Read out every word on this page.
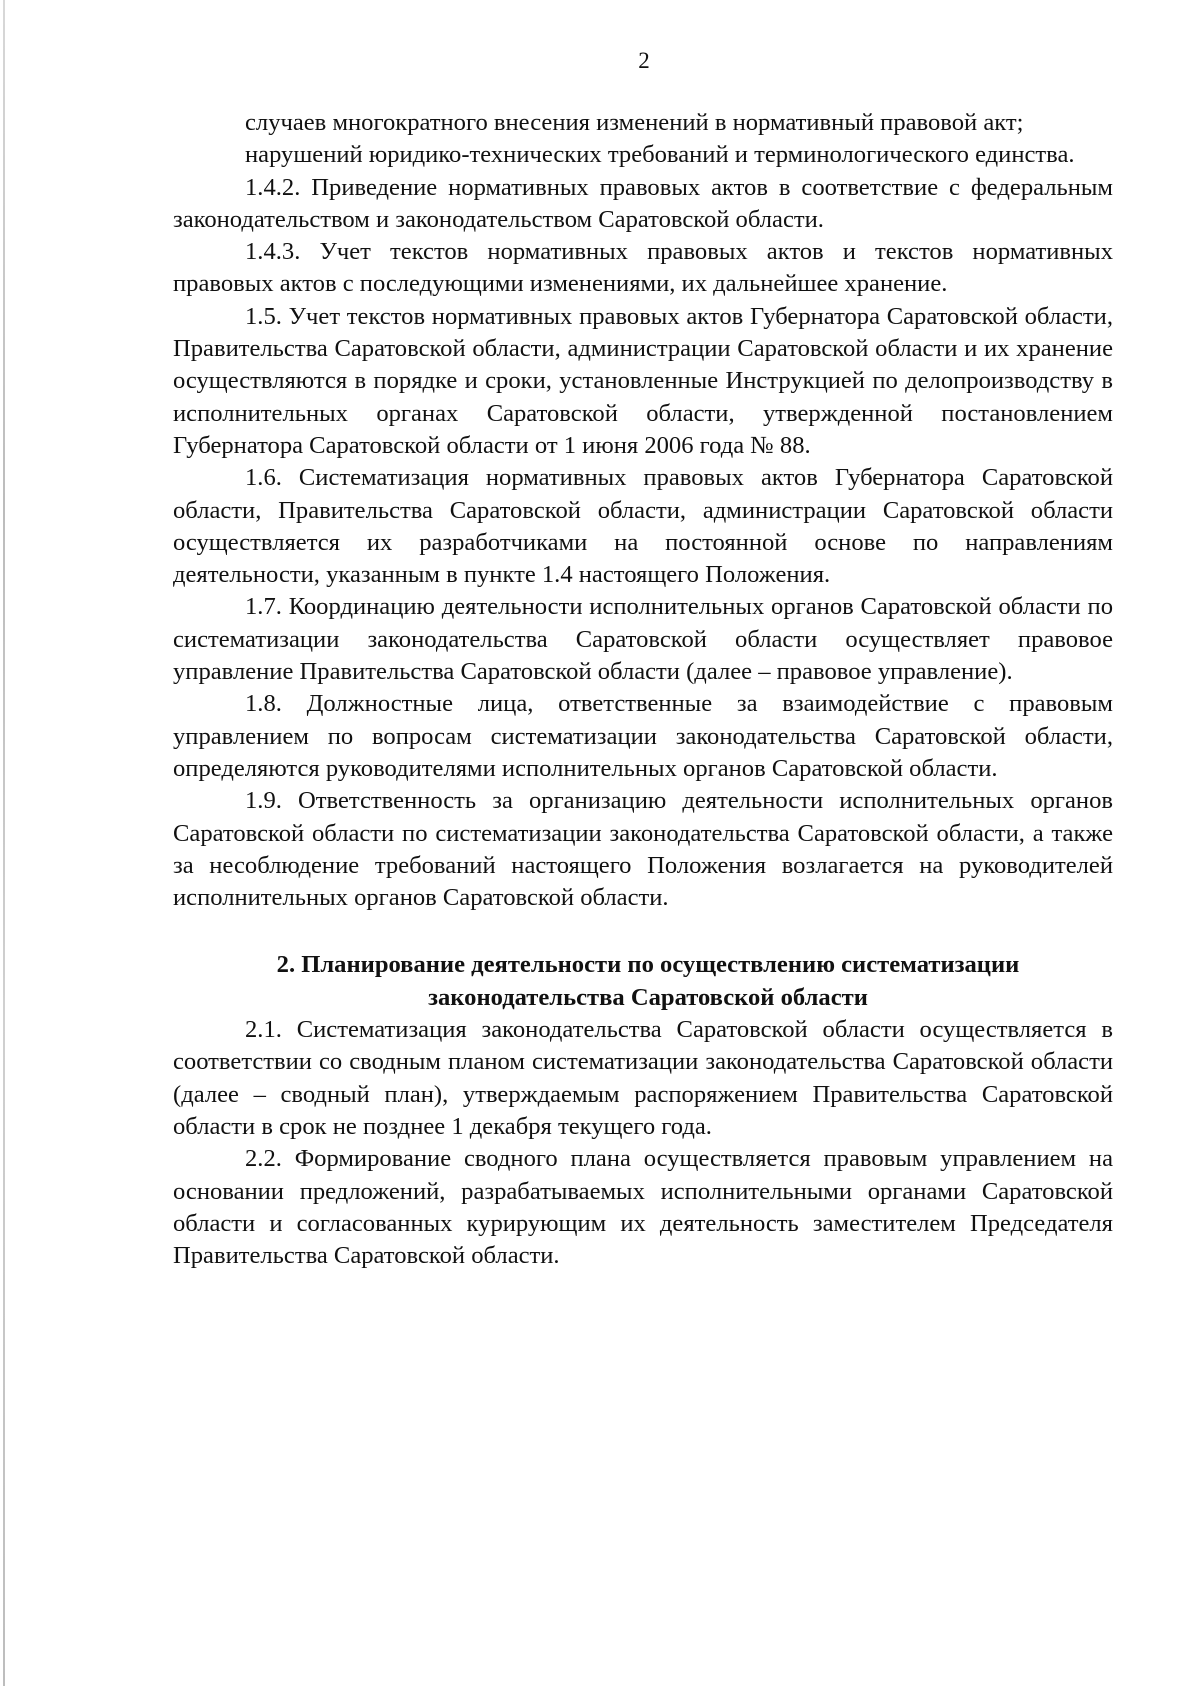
2

случаев многократного внесения изменений в нормативный правовой акт;

нарушений юридико-технических требований и терминологического единства.

1.4.2. Приведение нормативных правовых актов в соответствие с федеральным законодательством и законодательством Саратовской области.

1.4.3. Учет текстов нормативных правовых актов и текстов нормативных правовых актов с последующими изменениями, их дальнейшее хранение.

1.5. Учет текстов нормативных правовых актов Губернатора Саратовской области, Правительства Саратовской области, администрации Саратовской области и их хранение осуществляются в порядке и сроки, установленные Инструкцией по делопроизводству в исполнительных органах Саратовской области, утвержденной постановлением Губернатора Саратовской области от 1 июня 2006 года № 88.

1.6. Систематизация нормативных правовых актов Губернатора Саратовской области, Правительства Саратовской области, администрации Саратовской области осуществляется их разработчиками на постоянной основе по направлениям деятельности, указанным в пункте 1.4 настоящего Положения.

1.7. Координацию деятельности исполнительных органов Саратовской области по систематизации законодательства Саратовской области осуществляет правовое управление Правительства Саратовской области (далее – правовое управление).

1.8. Должностные лица, ответственные за взаимодействие с правовым управлением по вопросам систематизации законодательства Саратовской области, определяются руководителями исполнительных органов Саратовской области.

1.9. Ответственность за организацию деятельности исполнительных органов Саратовской области по систематизации законодательства Саратовской области, а также за несоблюдение требований настоящего Положения возлагается на руководителей исполнительных органов Саратовской области.

2. Планирование деятельности по осуществлению систематизации
законодательства Саратовской области

2.1. Систематизация законодательства Саратовской области осуществляется в соответствии со сводным планом систематизации законодательства Саратовской области (далее – сводный план), утверждаемым распоряжением Правительства Саратовской области в срок не позднее 1 декабря текущего года.

2.2. Формирование сводного плана осуществляется правовым управлением на основании предложений, разрабатываемых исполнительными органами Саратовской области и согласованных курирующим их деятельность заместителем Председателя Правительства Саратовской области.
